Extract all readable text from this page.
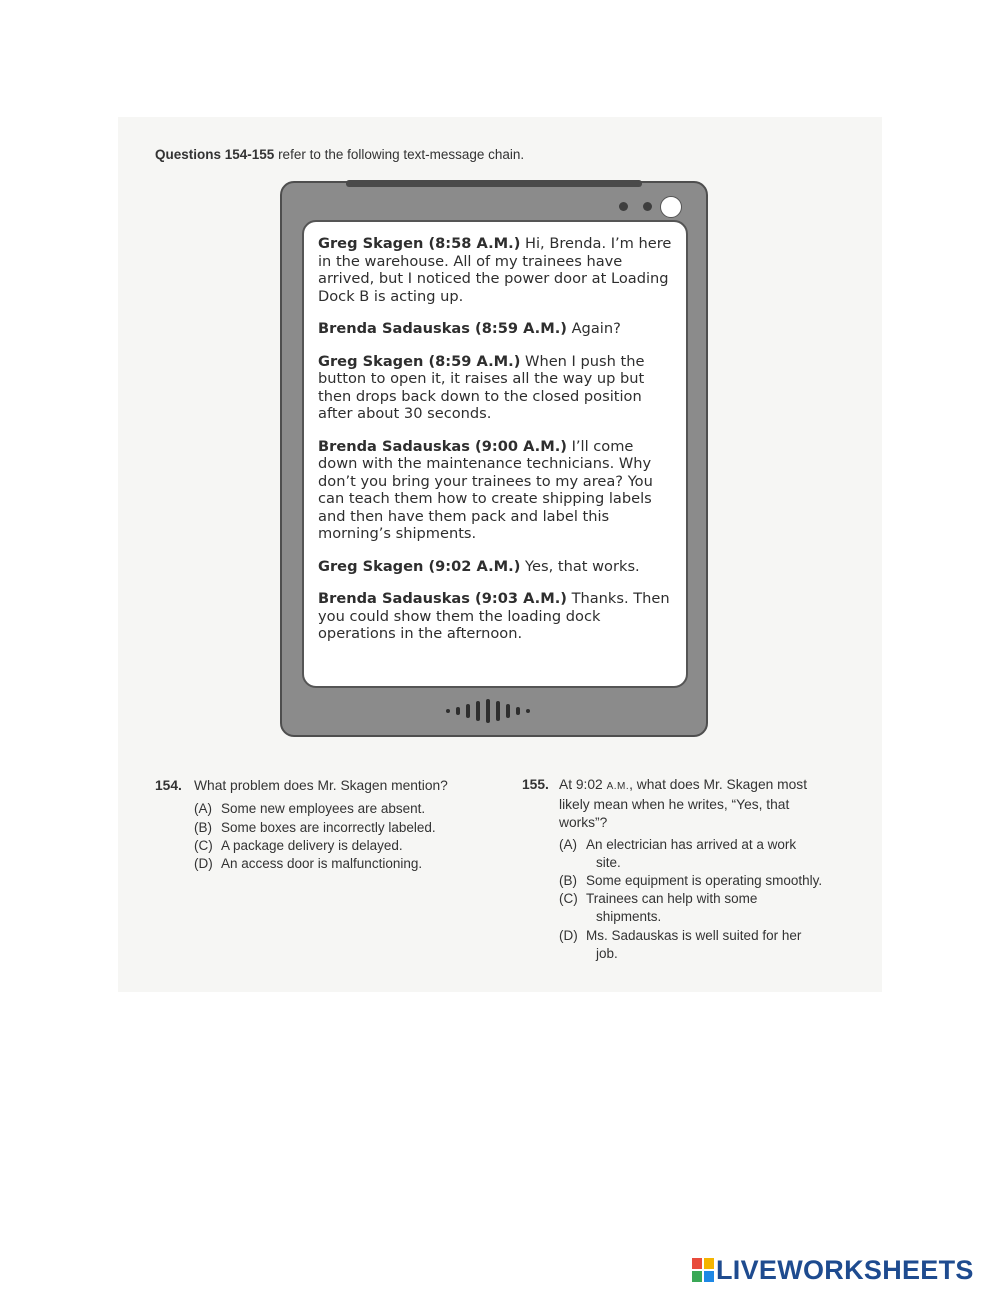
Questions 154-155 refer to the following text-message chain.

Greg Skagen (8:58 A.M.) Hi, Brenda. I’m here in the warehouse. All of my trainees have arrived, but I noticed the power door at Loading Dock B is acting up.

Brenda Sadauskas (8:59 A.M.) Again?

Greg Skagen (8:59 A.M.) When I push the button to open it, it raises all the way up but then drops back down to the closed position after about 30 seconds.

Brenda Sadauskas (9:00 A.M.) I’ll come down with the maintenance technicians. Why don’t you bring your trainees to my area? You can teach them how to create shipping labels and then have them pack and label this morning’s shipments.

Greg Skagen (9:02 A.M.) Yes, that works.

Brenda Sadauskas (9:03 A.M.) Thanks. Then you could show them the loading dock operations in the afternoon.

154. What problem does Mr. Skagen mention?
(A) Some new employees are absent.
(B) Some boxes are incorrectly labeled.
(C) A package delivery is delayed.
(D) An access door is malfunctioning.
155. At 9:02 A.M., what does Mr. Skagen most
likely mean when he writes, “Yes, that
works”?
(A) An electrician has arrived at a work
site.
(B) Some equipment is operating smoothly.
(C) Trainees can help with some
shipments.
(D) Ms. Sadauskas is well suited for her
job.
LIVEWORKSHEETS
